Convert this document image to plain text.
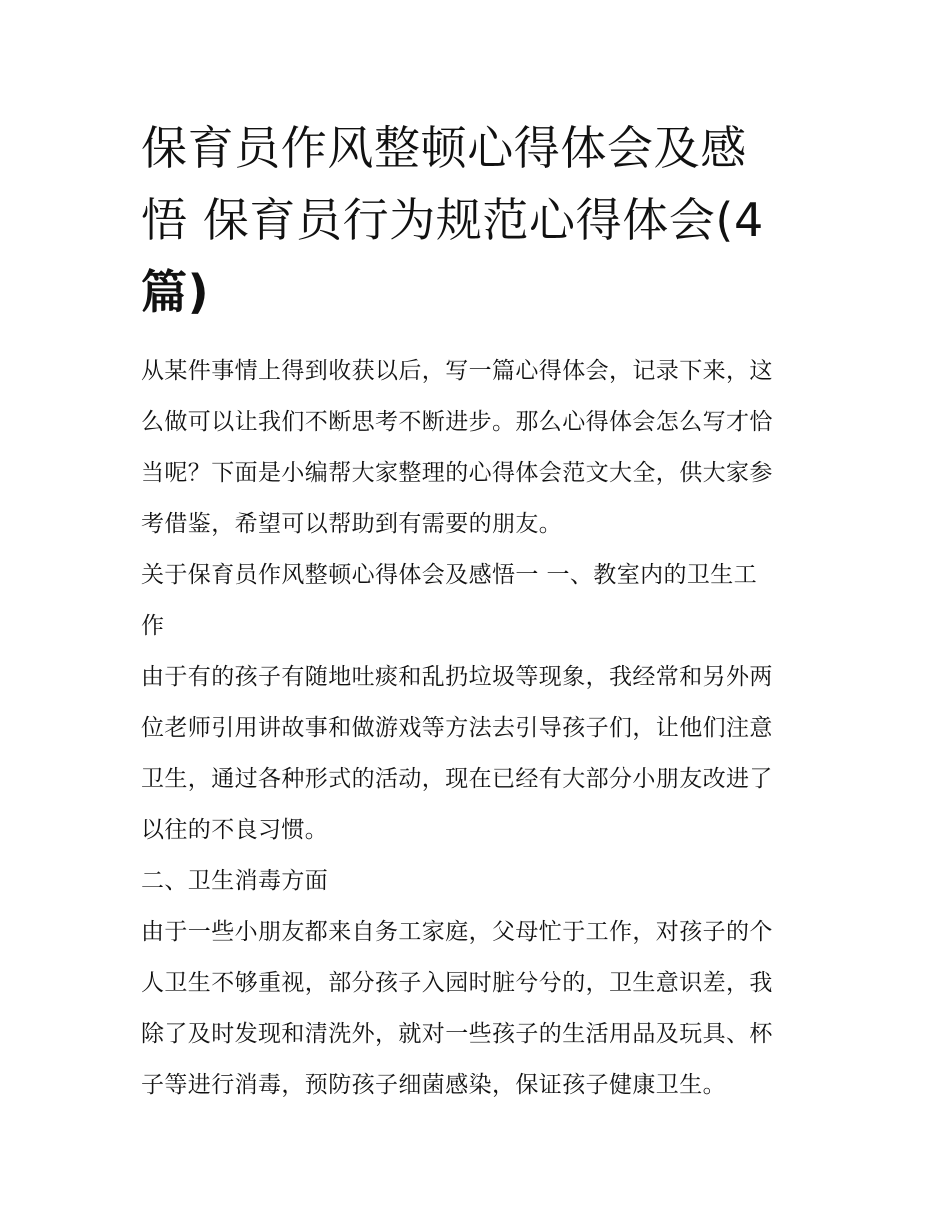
保育员作风整顿心得体会及感
悟 保育员行为规范心得体会(4
篇)

从某件事情上得到收获以后，写一篇心得体会，记录下来，这
么做可以让我们不断思考不断进步。那么心得体会怎么写才恰
当呢？下面是小编帮大家整理的心得体会范文大全，供大家参
考借鉴，希望可以帮助到有需要的朋友。

关于保育员作风整顿心得体会及感悟一 一、教室内的卫生工
作

由于有的孩子有随地吐痰和乱扔垃圾等现象，我经常和另外两
位老师引用讲故事和做游戏等方法去引导孩子们，让他们注意
卫生，通过各种形式的活动，现在已经有大部分小朋友改进了
以往的不良习惯。

二、卫生消毒方面

由于一些小朋友都来自务工家庭，父母忙于工作，对孩子的个
人卫生不够重视，部分孩子入园时脏兮兮的，卫生意识差，我
除了及时发现和清洗外，就对一些孩子的生活用品及玩具、杯
子等进行消毒，预防孩子细菌感染，保证孩子健康卫生。
